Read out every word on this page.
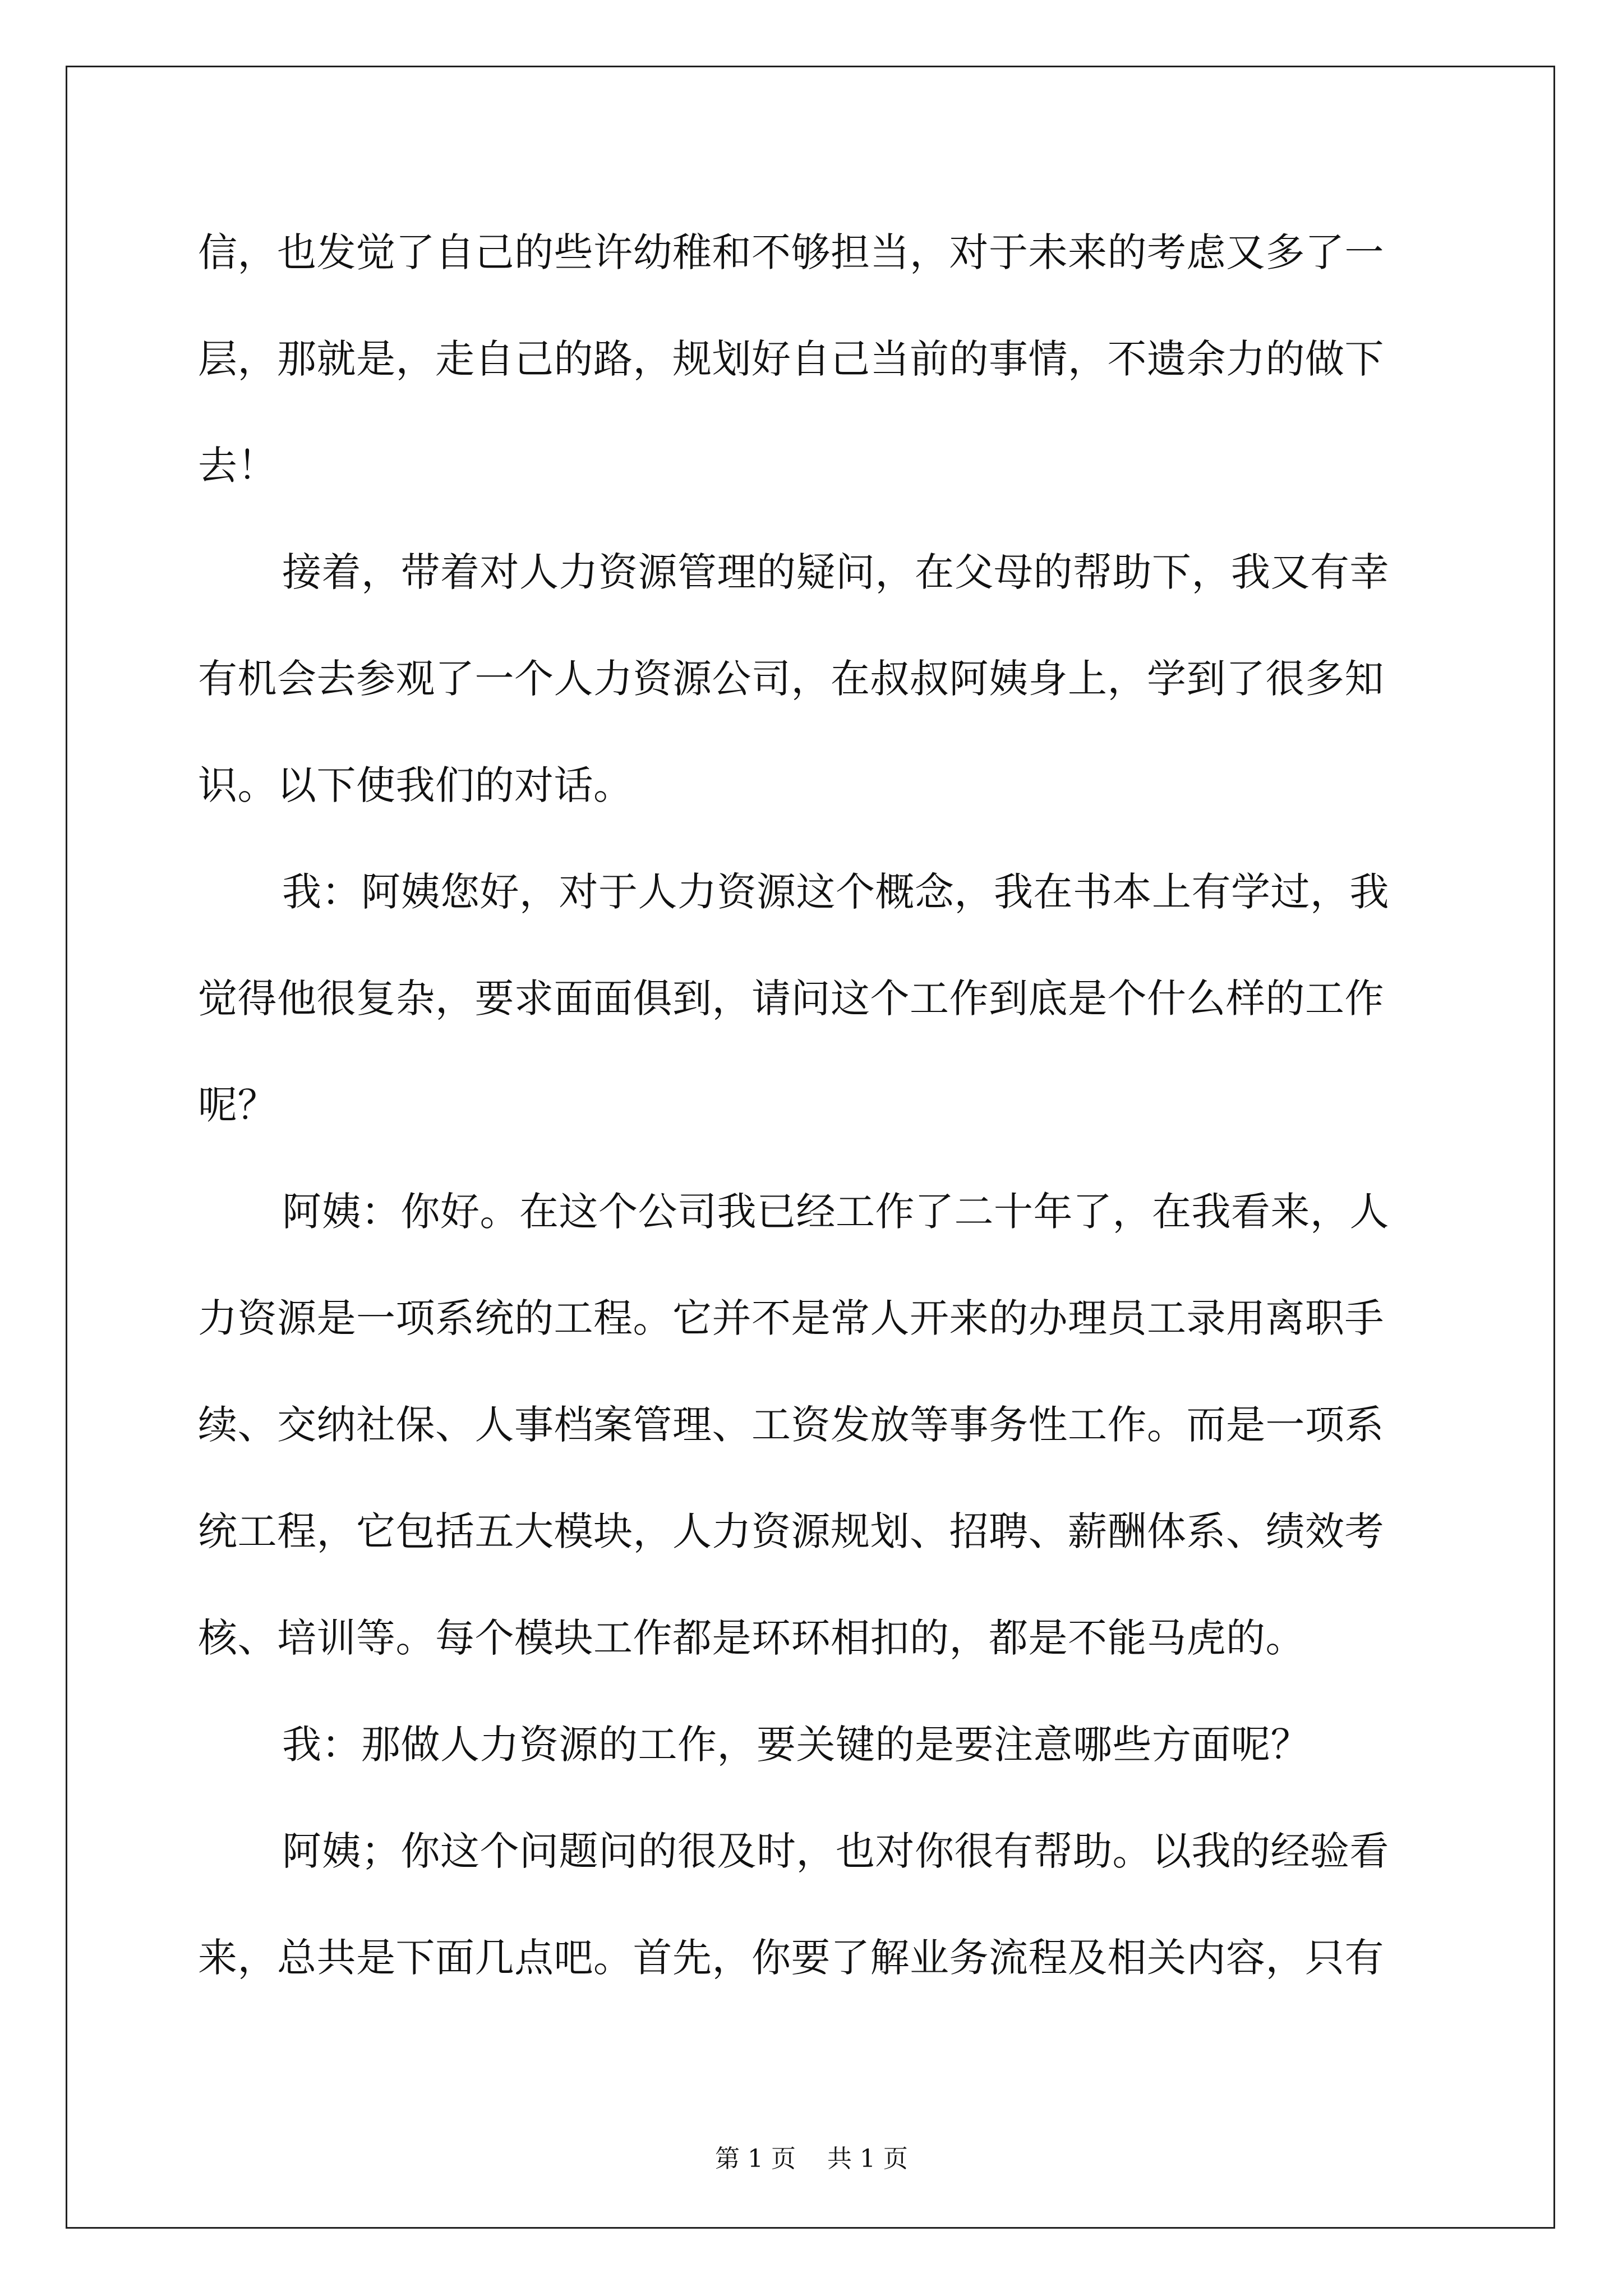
信，也发觉了自己的些许幼稚和不够担当，对于未来的考虑又多了一
层，那就是，走自己的路，规划好自己当前的事情，不遗余力的做下
去！
接着，带着对人力资源管理的疑问，在父母的帮助下，我又有幸
有机会去参观了一个人力资源公司，在叔叔阿姨身上，学到了很多知
识。以下使我们的对话。
我：阿姨您好，对于人力资源这个概念，我在书本上有学过，我
觉得他很复杂，要求面面俱到，请问这个工作到底是个什么样的工作
呢？
阿姨：你好。在这个公司我已经工作了二十年了，在我看来，人
力资源是一项系统的工程。它并不是常人开来的办理员工录用离职手
续、交纳社保、人事档案管理、工资发放等事务性工作。而是一项系
统工程，它包括五大模块，人力资源规划、招聘、薪酬体系、绩效考
核、培训等。每个模块工作都是环环相扣的，都是不能马虎的。
我：那做人力资源的工作，要关键的是要注意哪些方面呢？
阿姨；你这个问题问的很及时，也对你很有帮助。以我的经验看
来，总共是下面几点吧。首先，你要了解业务流程及相关内容，只有
第 1 页 共 1 页
